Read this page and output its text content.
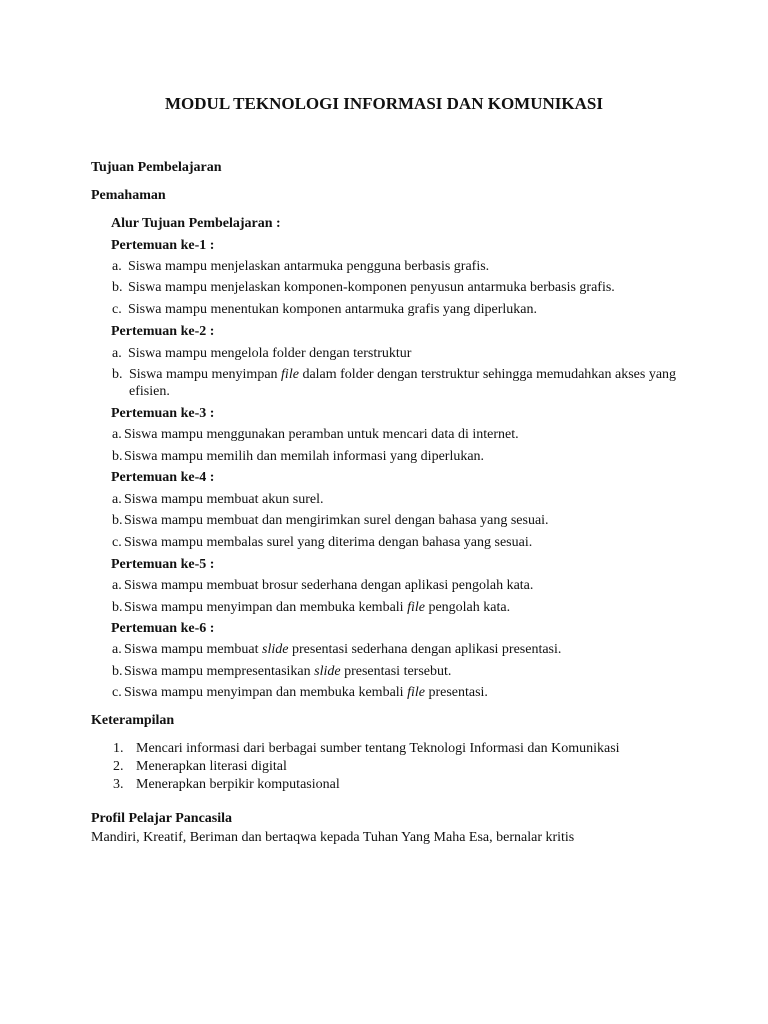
MODUL TEKNOLOGI INFORMASI DAN KOMUNIKASI
Tujuan Pembelajaran
Pemahaman
Alur Tujuan Pembelajaran :
Pertemuan ke-1 :
a. Siswa mampu menjelaskan antarmuka pengguna berbasis grafis.
b. Siswa mampu menjelaskan komponen-komponen penyusun antarmuka berbasis grafis.
c. Siswa mampu menentukan komponen antarmuka grafis yang diperlukan.
Pertemuan ke-2 :
a. Siswa mampu mengelola folder dengan terstruktur
b. Siswa mampu menyimpan file dalam folder dengan terstruktur sehingga memudahkan akses yang efisien.
Pertemuan ke-3 :
a. Siswa mampu menggunakan peramban untuk mencari data di internet.
b. Siswa mampu memilih dan memilah informasi yang diperlukan.
Pertemuan ke-4 :
a. Siswa mampu membuat akun surel.
b. Siswa mampu membuat dan mengirimkan surel dengan bahasa yang sesuai.
c. Siswa mampu membalas surel yang diterima dengan bahasa yang sesuai.
Pertemuan ke-5 :
a. Siswa mampu membuat brosur sederhana dengan aplikasi pengolah kata.
b. Siswa mampu menyimpan dan membuka kembali file pengolah kata.
Pertemuan ke-6 :
a. Siswa mampu membuat slide presentasi sederhana dengan aplikasi presentasi.
b. Siswa mampu mempresentasikan slide presentasi tersebut.
c. Siswa mampu menyimpan dan membuka kembali file presentasi.
Keterampilan
1. Mencari informasi dari berbagai sumber tentang Teknologi Informasi dan Komunikasi
2. Menerapkan literasi digital
3. Menerapkan berpikir komputasional
Profil Pelajar Pancasila
Mandiri, Kreatif, Beriman dan bertaqwa kepada Tuhan Yang Maha Esa, bernalar kritis
